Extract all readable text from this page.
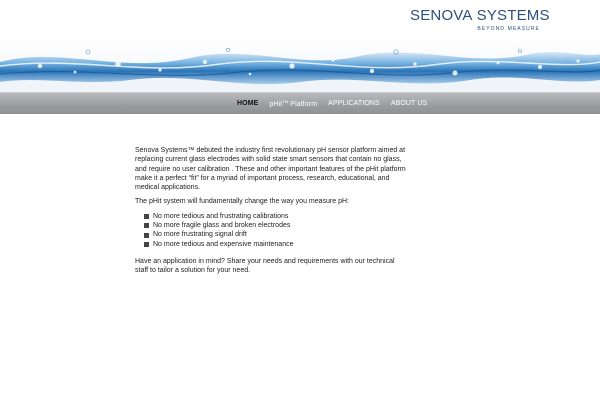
SENOVA SYSTEMS
BEYOND MEASURE
HOME pHit™ Platform APPLICATIONS ABOUT US

Senova Systems™ debuted the industry first revolutionary pH sensor platform aimed at replacing current glass electrodes with solid state smart sensors that contain no glass, and require no user calibration . These and other important features of the pHit platform make it a perfect “fit” for a myriad of important process, research, educational, and medical applications.

The pHit system will fundamentally change the way you measure pH:

No more tedious and frustrating calibrations
No more fragile glass and broken electrodes
No more frustrating signal drift
No more tedious and expensive maintenance

Have an application in mind? Share your needs and requirements with our technical staff to tailor a solution for your need.
